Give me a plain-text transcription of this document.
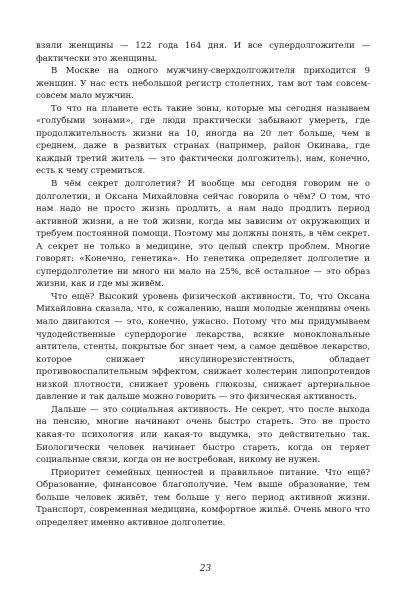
взяли женщины — 122 года 164 дня. И все супердолгожители — фактически это женщины.

В Москве на одного мужчину-сверхдолгожителя приходится 9 женщин. У нас есть небольшой регистр столетних, там вот там совсем-совсем мало мужчин.

То что на планете есть такие зоны, которые мы сегодня называем «голубыми зонами», где люди практически забывают умереть, где продолжительность жизни на 10, иногда на 20 лет больше, чем в среднем, даже в развитых странах (например, район Окинава, где каждый третий житель — это фактически долгожитель), нам, конечно, есть к чему стремиться.

В чём секрет долголетия? И вообще мы сегодня говорим не о долголетии, и Оксана Михайловна сейчас говорила о чём? О том, что нам надо не просто жизнь продлить, а нам надо продлить период активной жизни, а не той жизни, когда мы зависим от окружающих и требуем постоянной помощи. Поэтому мы должны понять, в чём секрет. А секрет не только в медицине, это целый спектр проблем. Многие говорят: «Конечно, генетика». Но генетика определяет долголетие и супердолголетие ни много ни мало на 25%, всё остальное — это образ жизни, как и где мы живём.

Что ещё? Высокий уровень физической активности. То, что Оксана Михайловна сказала, что, к сожалению, наши молодые женщины очень мало двигаются — это, конечно, ужасно. Потому что мы придумываем чудодейственные супердорогие лекарства, всякие моноклональные антитела, стенты, покрытые бог знает чем, а самое дешёвое лекарство, которое снижает инсулинорезистентность, обладает противовоспалительным эффектом, снижает холестерин липопротеидов низкой плотности, снижает уровень глюкозы, снижает артериальное давление и так дальше можно говорить — это физическая активность.

Дальше — это социальная активность. Не секрет, что после выхода на пенсию, многие начинают очень быстро стареть. Это не просто какая-то психология или какая-то выдумка, это действительно так. Биологически человек начинает быстро стареть, когда он теряет социальные связи, когда он не востребован, никому не нужен.

Приоритет семейных ценностей и правильное питание. Что ещё? Образование, финансовое благополучие. Чем выше образование, тем больше человек живёт, тем больше у него период активной жизни. Транспорт, современная медицина, комфортное жильё. Очень много что определяет именно активное долголетие.

23
